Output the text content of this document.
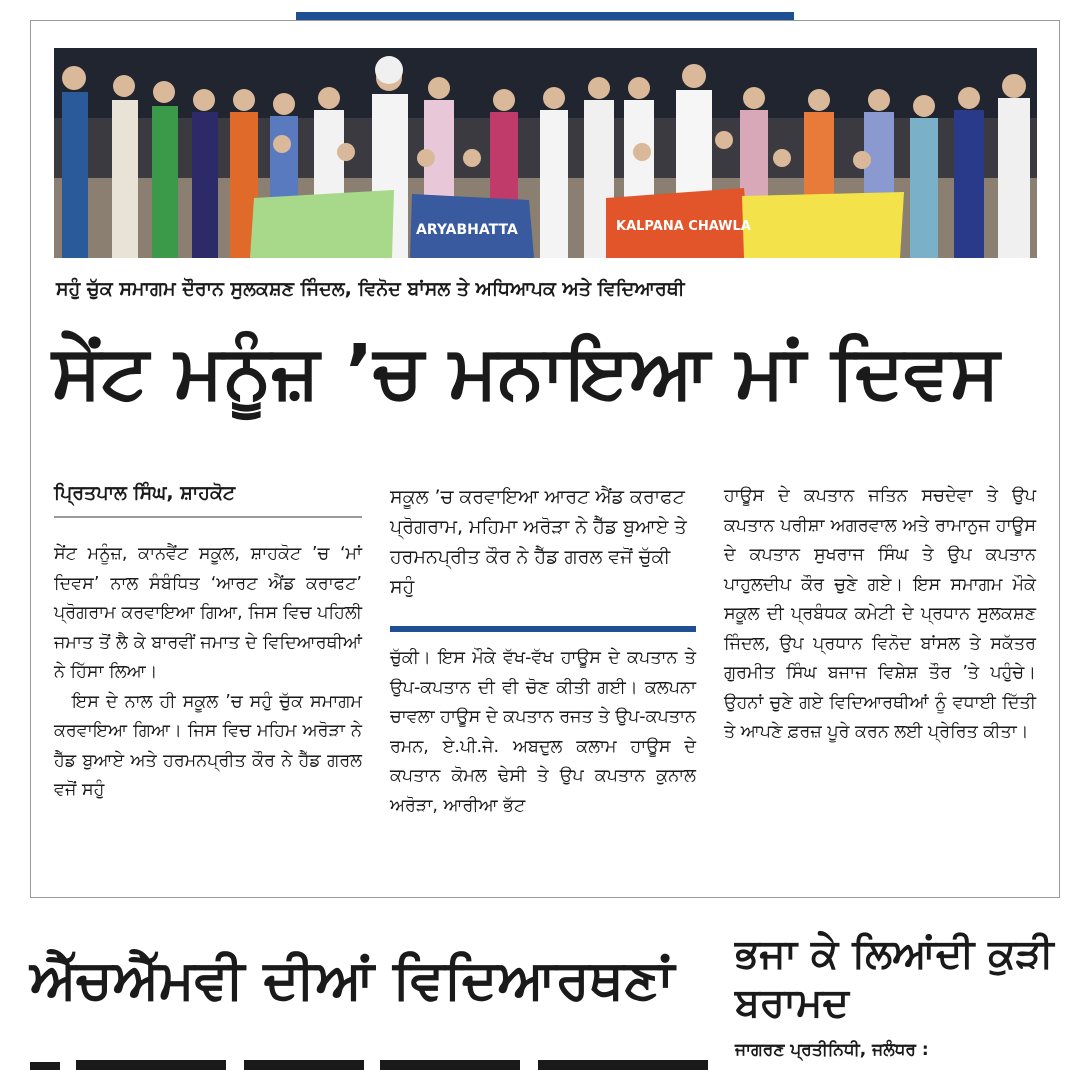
ARYABHATTA	KALPANA CHAWLA
ਸਹੁੰ ਚੁੱਕ ਸਮਾਗਮ ਦੌਰਾਨ ਸੁਲਕਸ਼ਣ ਜਿੰਦਲ, ਵਿਨੋਦ ਬਾਂਸਲ ਤੇ ਅਧਿਆਪਕ ਅਤੇ ਵਿਦਿਆਰਥੀ
ਸੇਂਟ ਮਨੂੰਜ਼ ’ਚ ਮਨਾਇਆ ਮਾਂ ਦਿਵਸ
ਪ੍ਰਿਤਪਾਲ ਸਿੰਘ, ਸ਼ਾਹਕੋਟ

ਸੇਂਟ ਮਨੂੰਜ਼, ਕਾਨਵੈਂਟ ਸਕੂਲ, ਸ਼ਾਹਕੋਟ ’ਚ ‘ਮਾਂ ਦਿਵਸ’ ਨਾਲ ਸੰਬੰਧਿਤ ‘ਆਰਟ ਐਂਡ ਕਰਾਫਟ’ ਪ੍ਰੋਗਰਾਮ ਕਰਵਾਇਆ ਗਿਆ, ਜਿਸ ਵਿਚ ਪਹਿਲੀ ਜਮਾਤ ਤੋਂ ਲੈ ਕੇ ਬਾਰਵੀਂ ਜਮਾਤ ਦੇ ਵਿਦਿਆਰਥੀਆਂ ਨੇ ਹਿੱਸਾ ਲਿਆ।

ਇਸ ਦੇ ਨਾਲ ਹੀ ਸਕੂਲ ’ਚ ਸਹੁੰ ਚੁੱਕ ਸਮਾਗਮ ਕਰਵਾਇਆ ਗਿਆ। ਜਿਸ ਵਿਚ ਮਹਿਮ ਅਰੋੜਾ ਨੇ ਹੈੱਡ ਬੁਆਏ ਅਤੇ ਹਰਮਨਪ੍ਰੀਤ ਕੌਰ ਨੇ ਹੈੱਡ ਗਰਲ ਵਜੋਂ ਸਹੁੰ

ਸਕੂਲ ’ਚ ਕਰਵਾਇਆ ਆਰਟ ਐਂਡ ਕਰਾਫਟ ਪ੍ਰੋਗਰਾਮ, ਮਹਿਮਾ ਅਰੋੜਾ ਨੇ ਹੈੱਡ ਬੁਆਏ ਤੇ ਹਰਮਨਪ੍ਰੀਤ ਕੌਰ ਨੇ ਹੈੱਡ ਗਰਲ ਵਜੋਂ ਚੁੱਕੀ ਸਹੁੰ

ਚੁੱਕੀ। ਇਸ ਮੌਕੇ ਵੱਖ-ਵੱਖ ਹਾਊਸ ਦੇ ਕਪਤਾਨ ਤੇ ਉਪ-ਕਪਤਾਨ ਦੀ ਵੀ ਚੋਣ ਕੀਤੀ ਗਈ। ਕਲਪਨਾ ਚਾਵਲਾ ਹਾਊਸ ਦੇ ਕਪਤਾਨ ਰਜਤ ਤੇ ਉਪ-ਕਪਤਾਨ ਰਮਨ, ਏ.ਪੀ.ਜੇ. ਅਬਦੁਲ ਕਲਾਮ ਹਾਊਸ ਦੇ ਕਪਤਾਨ ਕੋਮਲ ਢੇਸੀ ਤੇ ਉਪ ਕਪਤਾਨ ਕੁਨਾਲ ਅਰੋੜਾ, ਆਰੀਆ ਭੱਟ

ਹਾਊਸ ਦੇ ਕਪਤਾਨ ਜਤਿਨ ਸਚਦੇਵਾ ਤੇ ਉਪ ਕਪਤਾਨ ਪਰੀਸ਼ਾ ਅਗਰਵਾਲ ਅਤੇ ਰਾਮਾਨੁਜ ਹਾਊਸ ਦੇ ਕਪਤਾਨ ਸੁਖਰਾਜ ਸਿੰਘ ਤੇ ਉਪ ਕਪਤਾਨ ਪਾਹੁਲਦੀਪ ਕੌਰ ਚੁਣੇ ਗਏ। ਇਸ ਸਮਾਗਮ ਮੌਕੇ ਸਕੂਲ ਦੀ ਪ੍ਰਬੰਧਕ ਕਮੇਟੀ ਦੇ ਪ੍ਰਧਾਨ ਸੁਲਕਸ਼ਣ ਜਿੰਦਲ, ਉਪ ਪ੍ਰਧਾਨ ਵਿਨੋਦ ਬਾਂਸਲ ਤੇ ਸਕੱਤਰ ਗੁਰਮੀਤ ਸਿੰਘ ਬਜਾਜ ਵਿਸ਼ੇਸ਼ ਤੌਰ ’ਤੇ ਪਹੁੰਚੇ। ਉਹਨਾਂ ਚੁਣੇ ਗਏ ਵਿਦਿਆਰਥੀਆਂ ਨੂੰ ਵਧਾਈ ਦਿੱਤੀ ਤੇ ਆਪਣੇ ਫ਼ਰਜ਼ ਪੂਰੇ ਕਰਨ ਲਈ ਪ੍ਰੇਰਿਤ ਕੀਤਾ।

ਐੱਚਐੱਮਵੀ ਦੀਆਂ ਵਿਦਿਆਰਥਣਾਂ	ਭਜਾ ਕੇ ਲਿਆਂਦੀ ਕੁੜੀ ਬਰਾਮਦ
ਜਾਗਰਣ ਪ੍ਰਤੀਨਿਧੀ, ਜਲੰਧਰ :
